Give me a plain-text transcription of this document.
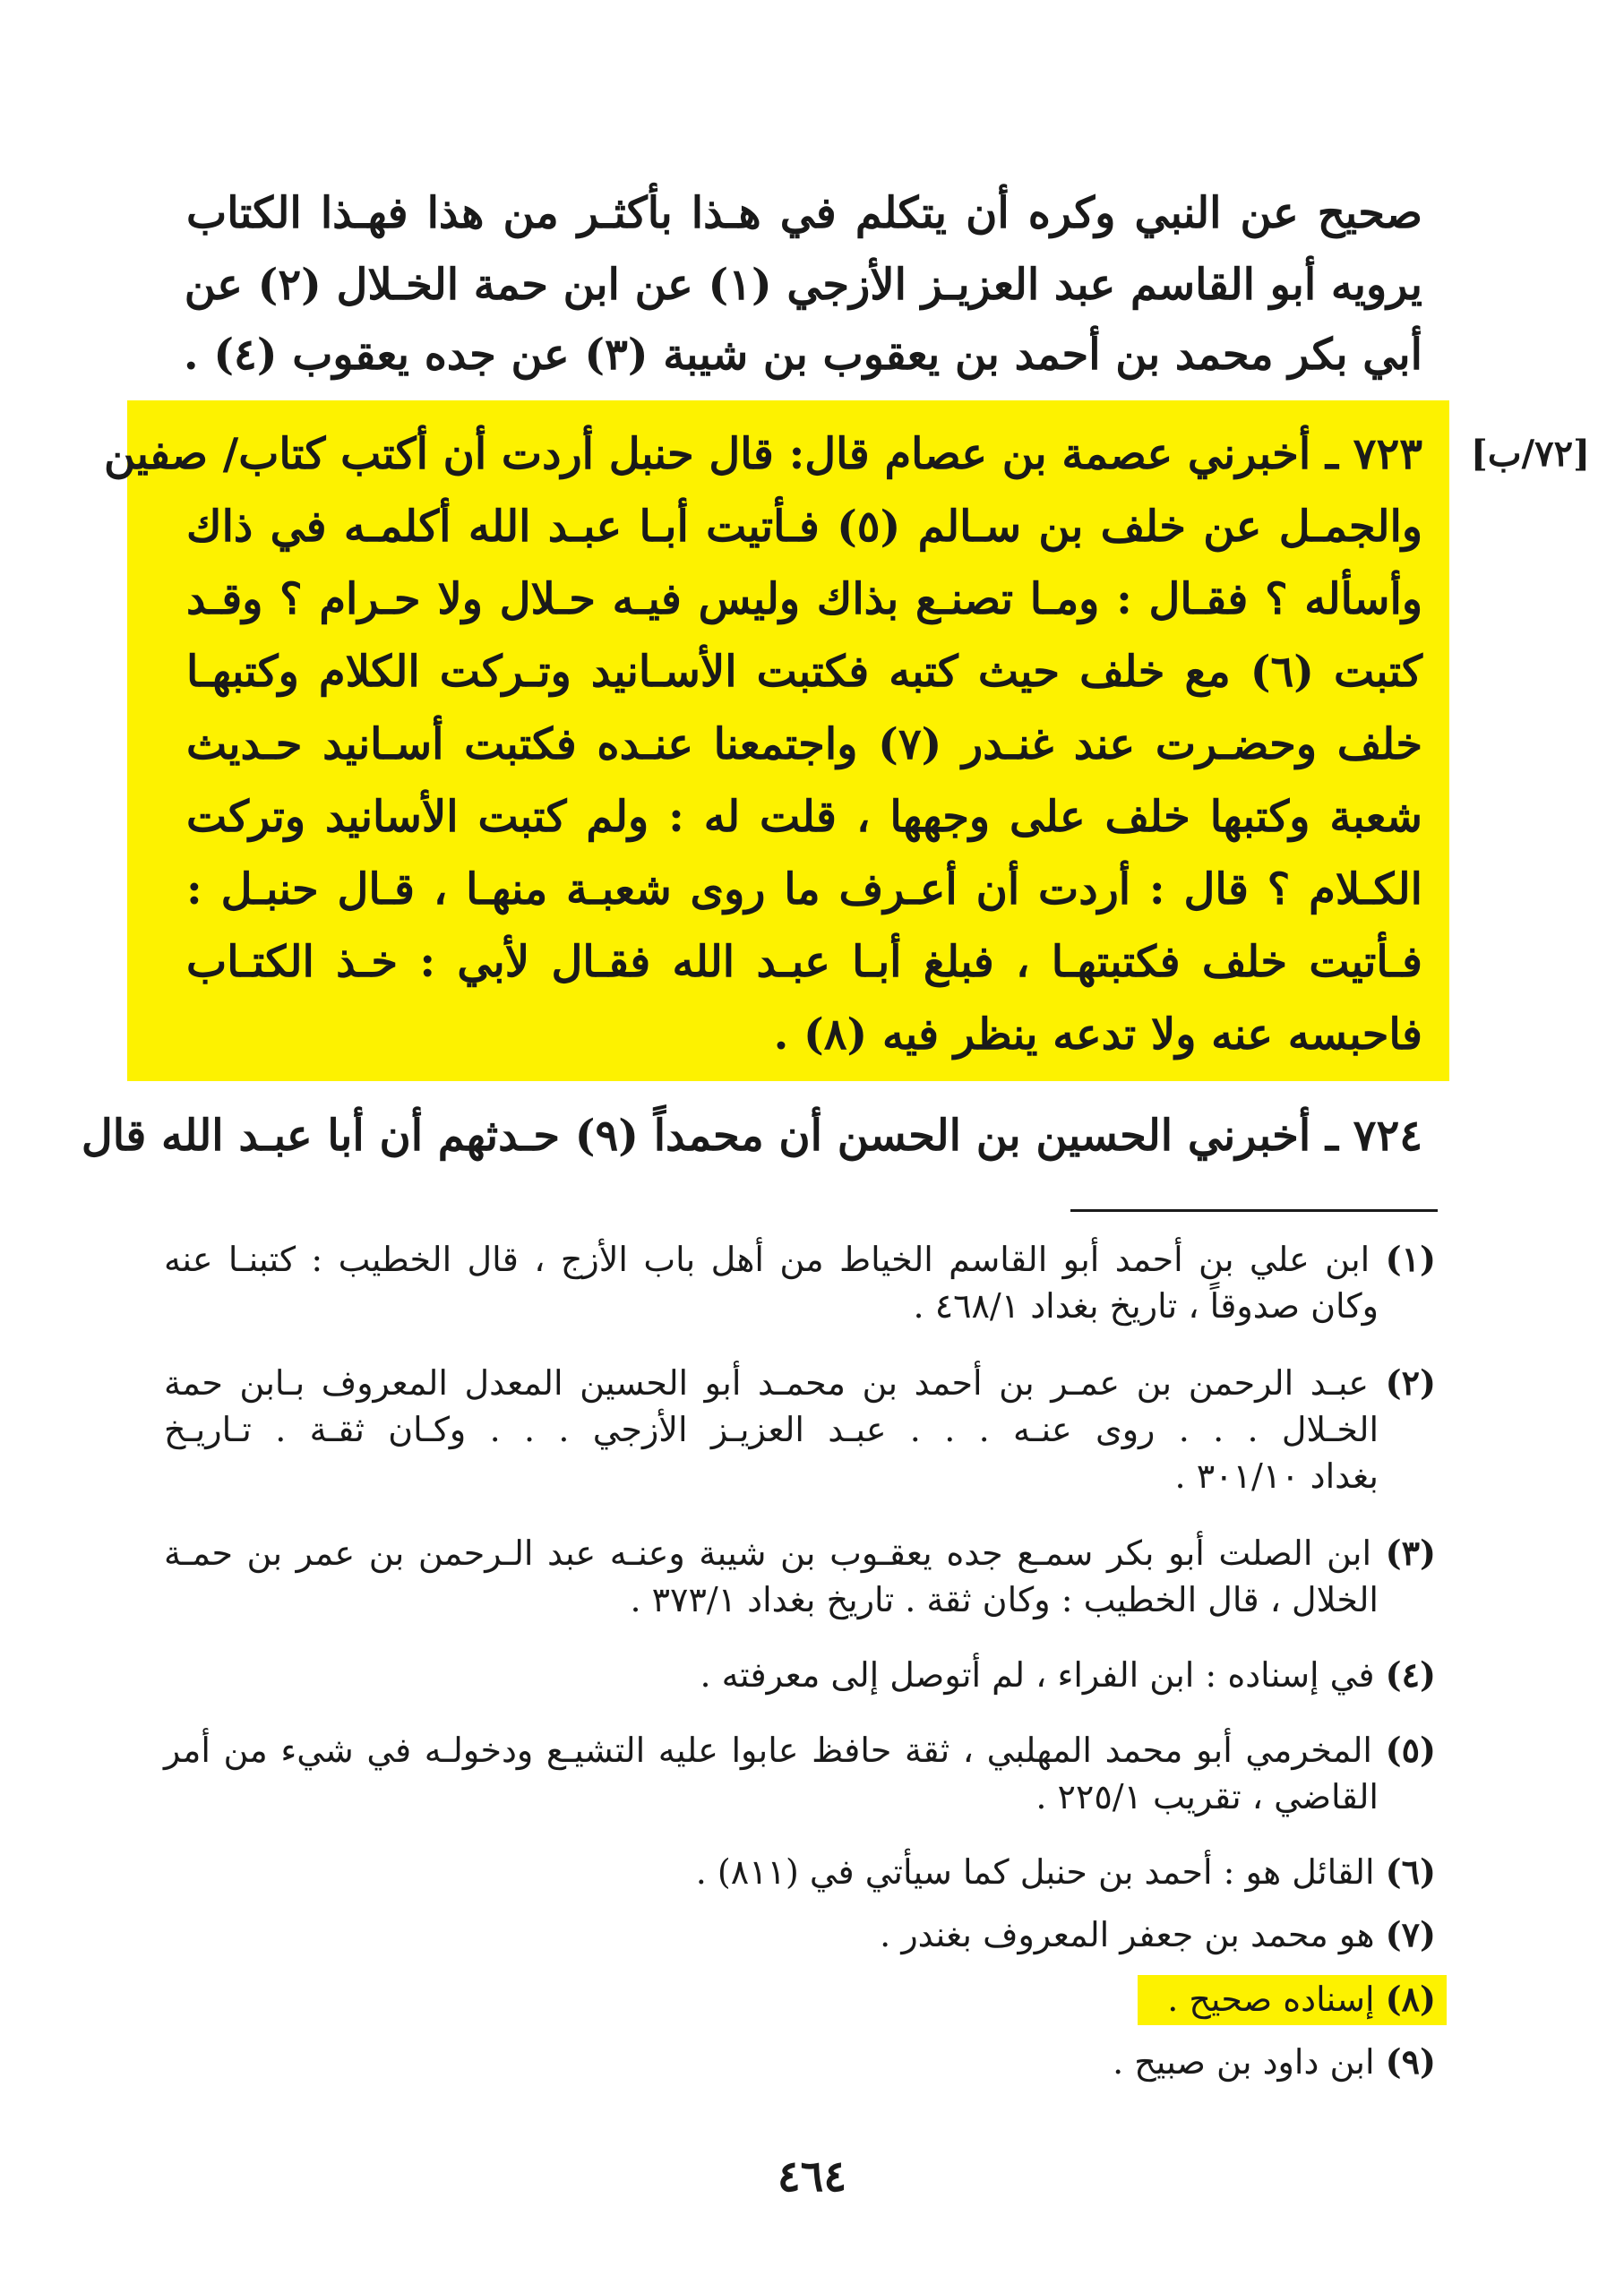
صحيح عن النبي وكره أن يتكلم في هـذا بأكثـر من هذا فهـذا الكتاب
يرويه أبو القاسم عبد العزيـز الأزجي (١) عن ابن حمة الخـلال (٢) عن
أبي بكر محمد بن أحمد بن يعقوب بن شيبة (٣) عن جده يعقوب (٤) .
[٧٢/ب]
٧٢٣ ـ أخبرني عصمة بن عصام قال: قال حنبل أردت أن أكتب كتاب/ صفين
والجمـل عن خلف بن سـالم (٥) فـأتيت أبـا عبـد الله أكلمـه في ذاك
وأسأله ؟ فقـال : ومـا تصنـع بذاك وليس فيـه حـلال ولا حـرام ؟ وقـد
كتبت (٦) مع خلف حيث كتبه فكتبت الأسـانيد وتـركت الكلام وكتبهـا
خلف وحضـرت عند غنـدر (٧) واجتمعنا عنـده فكتبت أسـانيد حـديث
شعبة وكتبها خلف على وجهها ، قلت له : ولم كتبت الأسانيد وتركت
الكـلام ؟ قال : أردت أن أعـرف ما روى شعبـة منهـا ، قـال حنبـل :
فـأتيت خلف فكتبتهـا ، فبلغ أبـا عبـد الله فقـال لأبي : خـذ الكتـاب
فاحبسه عنه ولا تدعه ينظر فيه (٨) .
٧٢٤ ـ أخبرني الحسين بن الحسن أن محمداً (٩) حـدثهم أن أبا عبـد الله قال
(١) ابن علي بن أحمد أبو القاسم الخياط من أهل باب الأزج ، قال الخطيب : كتبنـا عنه
وكان صدوقاً ، تاريخ بغداد ٤٦٨/١ .
(٢) عبـد الرحمن بن عمـر بن أحمد بن محمـد أبو الحسين المعدل المعروف بـابن حمة
الخـلال . . . روى عنـه . . . عبـد العزيـز الأزجي . . . وكـان ثقـة . تـاريـخ
بغداد ٣٠١/١٠ .
(٣) ابن الصلت أبو بكر سمـع جده يعقـوب بن شيبة وعنـه عبد الـرحمن بن عمر بن حمـة
الخلال ، قال الخطيب : وكان ثقة . تاريخ بغداد ٣٧٣/١ .
(٤) في إسناده : ابن الفراء ، لم أتوصل إلى معرفته .
(٥) المخرمي أبو محمد المهلبي ، ثقة حافظ عابوا عليه التشيـع ودخولـه في شيء من أمر
القاضي ، تقريب ٢٢٥/١ .
(٦) القائل هو : أحمد بن حنبل كما سيأتي في (٨١١) .
(٧) هو محمد بن جعفر المعروف بغندر .
(٨) إسناده صحيح .
(٩) ابن داود بن صبيح .
٤٦٤
